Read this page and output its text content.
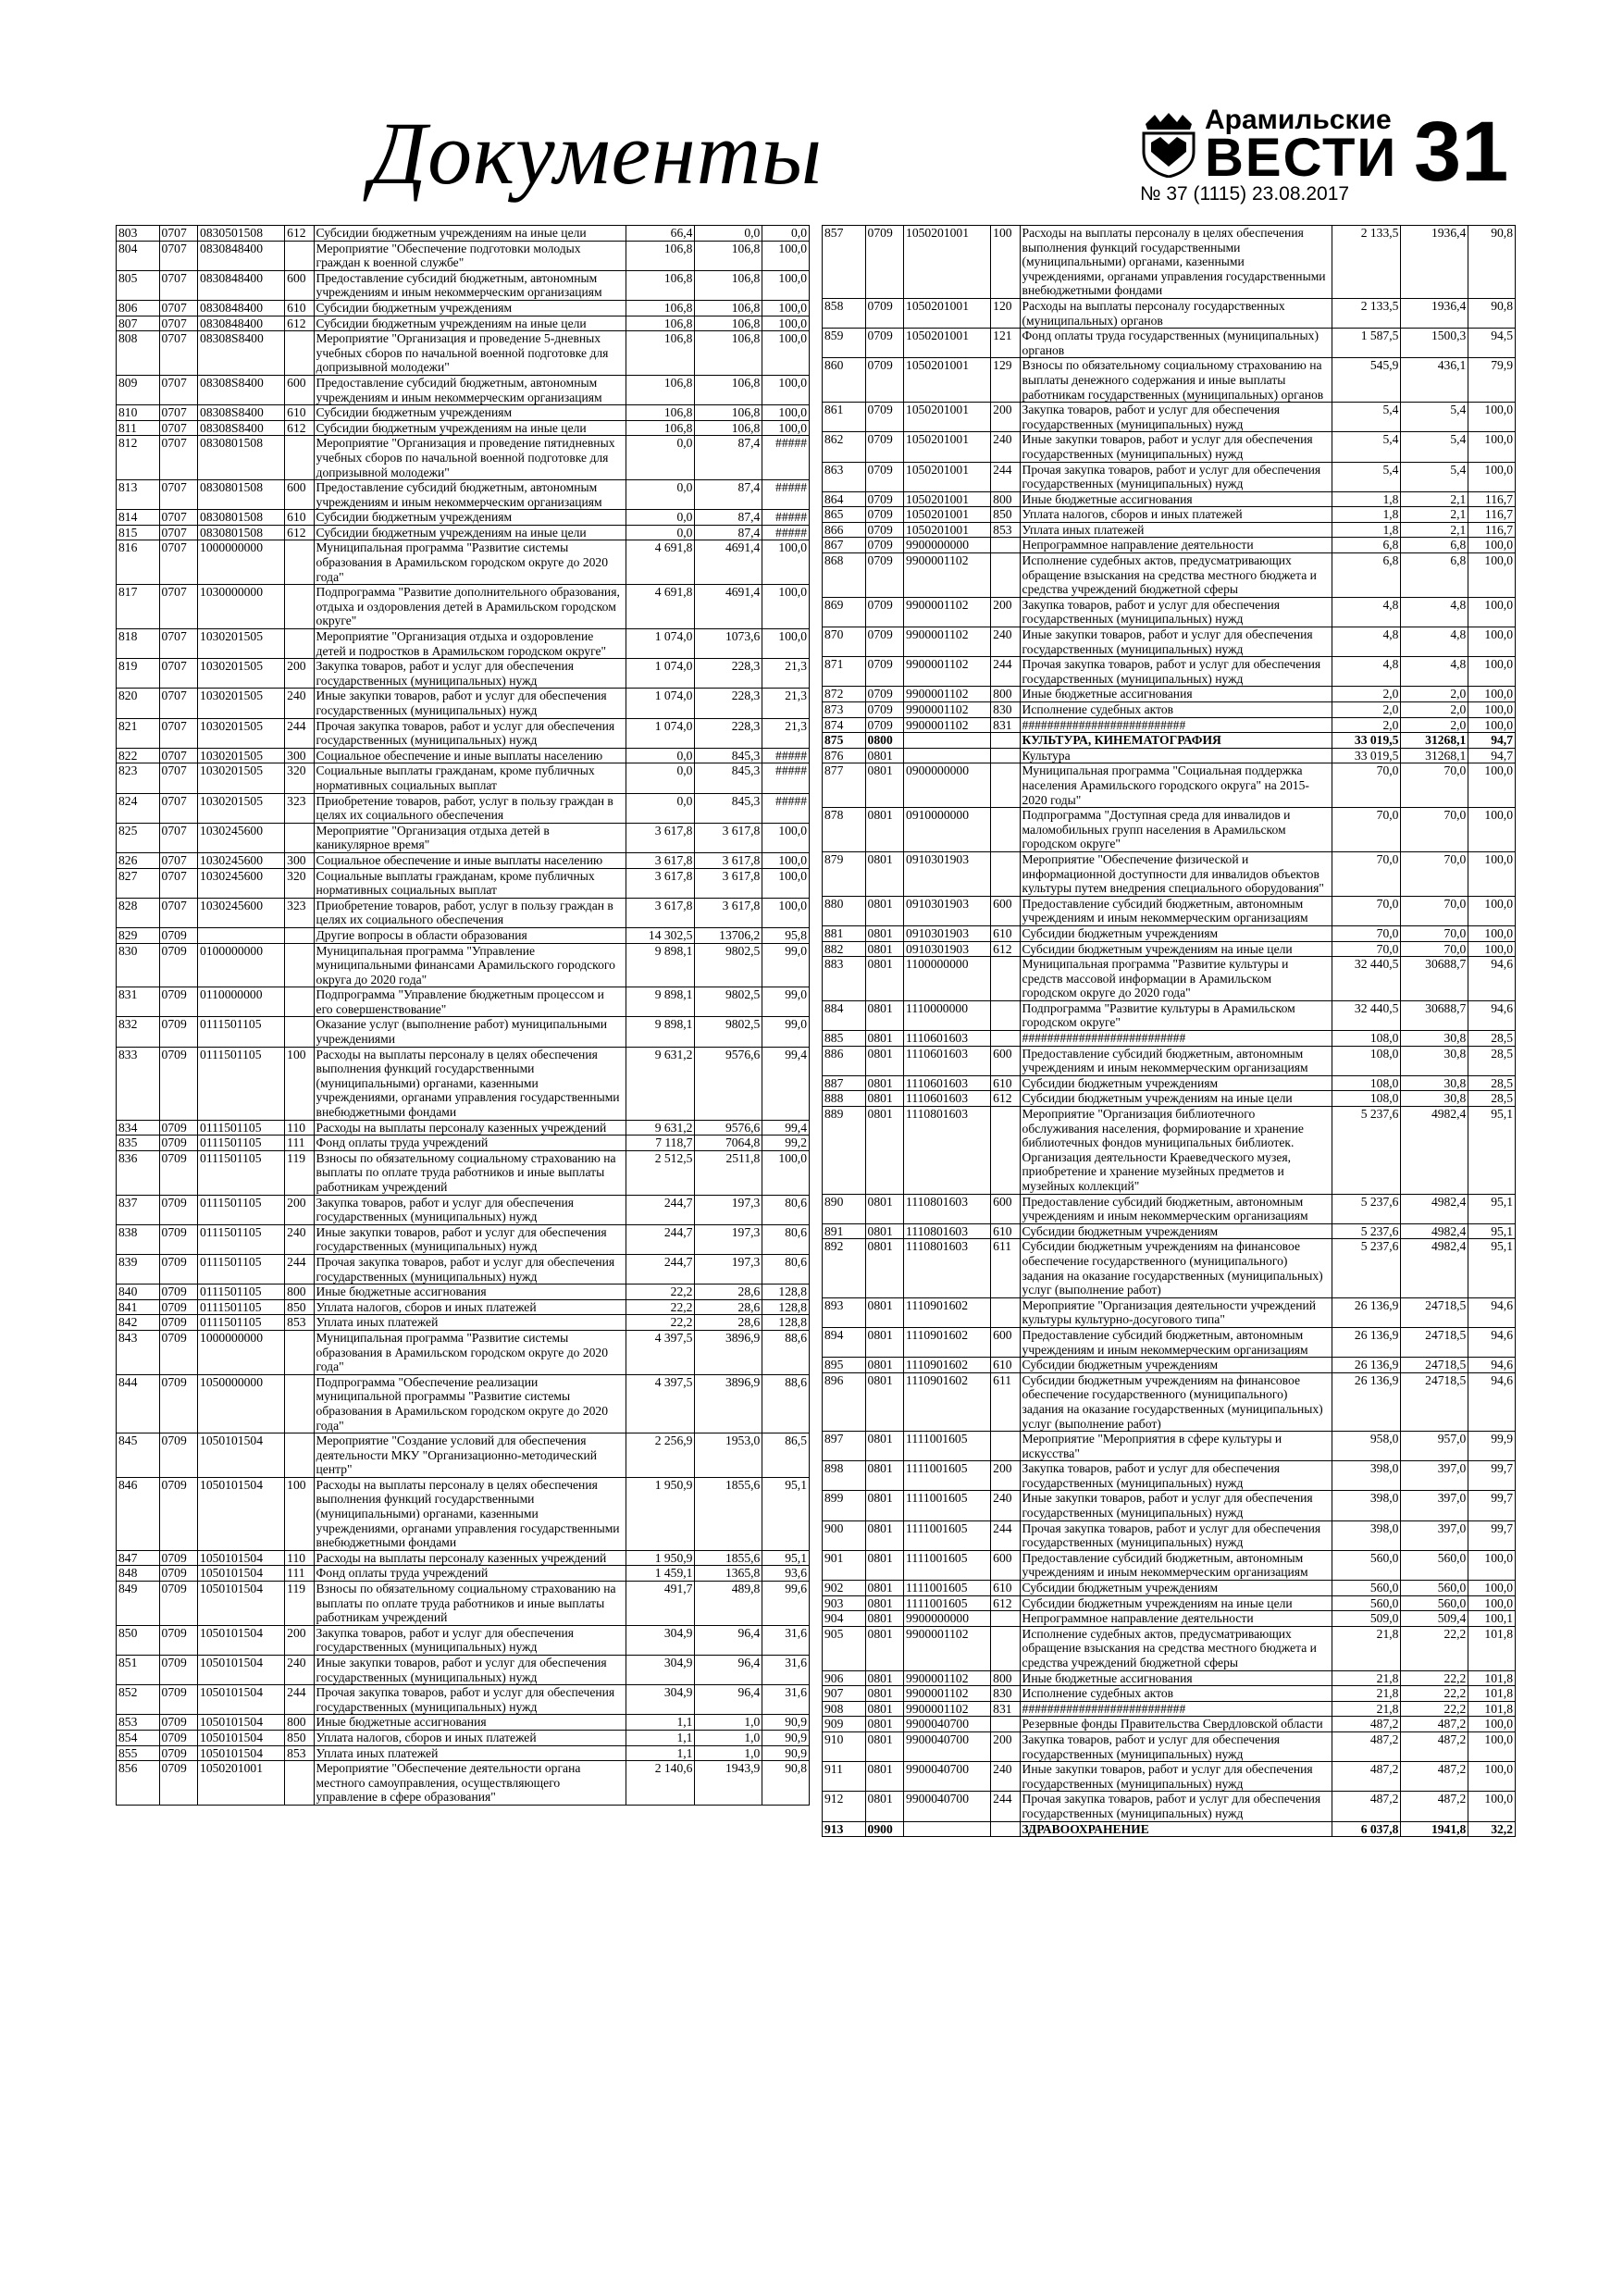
Документы	Арамильские
ВЕСТИ
№ 37 (1115) 23.08.2017 31
803	0707	0830501508	612	Субсидии бюджетным учреждениям на иные цели	66,4	0,0	0,0
804	0707	0830848400		Мероприятие "Обеспечение подготовки молодых граждан к военной службе"	106,8	106,8	100,0
805	0707	0830848400	600	Предоставление субсидий бюджетным, автономным учреждениям и иным некоммерческим организациям	106,8	106,8	100,0
806	0707	0830848400	610	Субсидии бюджетным учреждениям	106,8	106,8	100,0
807	0707	0830848400	612	Субсидии бюджетным учреждениям на иные цели	106,8	106,8	100,0
808	0707	08308S8400		Мероприятие "Организация и проведение 5-дневных учебных сборов по начальной военной подготовке для допризывной молодежи"	106,8	106,8	100,0
809	0707	08308S8400	600	Предоставление субсидий бюджетным, автономным учреждениям и иным некоммерческим организациям	106,8	106,8	100,0
810	0707	08308S8400	610	Субсидии бюджетным учреждениям	106,8	106,8	100,0
811	0707	08308S8400	612	Субсидии бюджетным учреждениям на иные цели	106,8	106,8	100,0
812	0707	0830801508		Мероприятие "Организация и проведение пятидневных учебных сборов по начальной военной подготовке для допризывной молодежи"	0,0	87,4	#####
813	0707	0830801508	600	Предоставление субсидий бюджетным, автономным учреждениям и иным некоммерческим организациям	0,0	87,4	#####
814	0707	0830801508	610	Субсидии бюджетным учреждениям	0,0	87,4	#####
815	0707	0830801508	612	Субсидии бюджетным учреждениям на иные цели	0,0	87,4	#####
816	0707	1000000000		Муниципальная программа "Развитие системы образования в Арамильском городском округе до 2020 года"	4 691,8	4691,4	100,0
817	0707	1030000000		Подпрограмма "Развитие дополнительного образования, отдыха и оздоровления детей в Арамильском городском округе"	4 691,8	4691,4	100,0
818	0707	1030201505		Мероприятие "Организация отдыха и оздоровление детей и подростков в Арамильском городском округе"	1 074,0	1073,6	100,0
819	0707	1030201505	200	Закупка товаров, работ и услуг для обеспечения государственных (муниципальных) нужд	1 074,0	228,3	21,3
820	0707	1030201505	240	Иные закупки товаров, работ и услуг для обеспечения государственных (муниципальных) нужд	1 074,0	228,3	21,3
821	0707	1030201505	244	Прочая закупка товаров, работ и услуг для обеспечения государственных (муниципальных) нужд	1 074,0	228,3	21,3
822	0707	1030201505	300	Социальное обеспечение и иные выплаты населению	0,0	845,3	#####
823	0707	1030201505	320	Социальные выплаты гражданам, кроме публичных нормативных социальных выплат	0,0	845,3	#####
824	0707	1030201505	323	Приобретение товаров, работ, услуг в пользу граждан в целях их социального обеспечения	0,0	845,3	#####
825	0707	1030245600		Мероприятие "Организация отдыха детей в каникулярное время"	3 617,8	3 617,8	100,0
826	0707	1030245600	300	Социальное обеспечение и иные выплаты населению	3 617,8	3 617,8	100,0
827	0707	1030245600	320	Социальные выплаты гражданам, кроме публичных нормативных социальных выплат	3 617,8	3 617,8	100,0
828	0707	1030245600	323	Приобретение товаров, работ, услуг в пользу граждан в целях их социального обеспечения	3 617,8	3 617,8	100,0
829	0709			Другие вопросы в области образования	14 302,5	13706,2	95,8
830	0709	0100000000		Муниципальная программа "Управление муниципальными финансами Арамильского городского округа до 2020 года"	9 898,1	9802,5	99,0
831	0709	0110000000		Подпрограмма "Управление бюджетным процессом и его совершенствование"	9 898,1	9802,5	99,0
832	0709	0111501105		Оказание услуг (выполнение работ) муниципальными учреждениями	9 898,1	9802,5	99,0
833	0709	0111501105	100	Расходы на выплаты персоналу в целях обеспечения выполнения функций государственными (муниципальными) органами, казенными учреждениями, органами управления государственными внебюджетными фондами	9 631,2	9576,6	99,4
834	0709	0111501105	110	Расходы на выплаты персоналу казенных учреждений	9 631,2	9576,6	99,4
835	0709	0111501105	111	Фонд оплаты труда учреждений	7 118,7	7064,8	99,2
836	0709	0111501105	119	Взносы по обязательному социальному страхованию на выплаты по оплате труда работников и иные выплаты работникам учреждений	2 512,5	2511,8	100,0
837	0709	0111501105	200	Закупка товаров, работ и услуг для обеспечения государственных (муниципальных) нужд	244,7	197,3	80,6
838	0709	0111501105	240	Иные закупки товаров, работ и услуг для обеспечения государственных (муниципальных) нужд	244,7	197,3	80,6
839	0709	0111501105	244	Прочая закупка товаров, работ и услуг для обеспечения государственных (муниципальных) нужд	244,7	197,3	80,6
840	0709	0111501105	800	Иные бюджетные ассигнования	22,2	28,6	128,8
841	0709	0111501105	850	Уплата налогов, сборов и иных платежей	22,2	28,6	128,8
842	0709	0111501105	853	Уплата иных платежей	22,2	28,6	128,8
843	0709	1000000000		Муниципальная программа "Развитие системы образования в Арамильском городском округе до 2020 года"	4 397,5	3896,9	88,6
844	0709	1050000000		Подпрограмма "Обеспечение реализации муниципальной программы "Развитие системы образования в Арамильском городском округе до 2020 года"	4 397,5	3896,9	88,6
845	0709	1050101504		Мероприятие "Создание условий для обеспечения деятельности МКУ "Организационно-методический центр"	2 256,9	1953,0	86,5
846	0709	1050101504	100	Расходы на выплаты персоналу в целях обеспечения выполнения функций государственными (муниципальными) органами, казенными учреждениями, органами управления государственными внебюджетными фондами	1 950,9	1855,6	95,1
847	0709	1050101504	110	Расходы на выплаты персоналу казенных учреждений	1 950,9	1855,6	95,1
848	0709	1050101504	111	Фонд оплаты труда учреждений	1 459,1	1365,8	93,6
849	0709	1050101504	119	Взносы по обязательному социальному страхованию на выплаты по оплате труда работников и иные выплаты работникам учреждений	491,7	489,8	99,6
850	0709	1050101504	200	Закупка товаров, работ и услуг для обеспечения государственных (муниципальных) нужд	304,9	96,4	31,6
851	0709	1050101504	240	Иные закупки товаров, работ и услуг для обеспечения государственных (муниципальных) нужд	304,9	96,4	31,6
852	0709	1050101504	244	Прочая закупка товаров, работ и услуг для обеспечения государственных (муниципальных) нужд	304,9	96,4	31,6
853	0709	1050101504	800	Иные бюджетные ассигнования	1,1	1,0	90,9
854	0709	1050101504	850	Уплата налогов, сборов и иных платежей	1,1	1,0	90,9
855	0709	1050101504	853	Уплата иных платежей	1,1	1,0	90,9
856	0709	1050201001		Мероприятие "Обеспечение деятельности органа местного самоуправления, осуществляющего управление в сфере образования"	2 140,6	1943,9	90,8
857	0709	1050201001	100	Расходы на выплаты персоналу в целях обеспечения выполнения функций государственными (муниципальными) органами, казенными учреждениями, органами управления государственными внебюджетными фондами	2 133,5	1936,4	90,8
858	0709	1050201001	120	Расходы на выплаты персоналу государственных (муниципальных) органов	2 133,5	1936,4	90,8
859	0709	1050201001	121	Фонд оплаты труда государственных (муниципальных) органов	1 587,5	1500,3	94,5
860	0709	1050201001	129	Взносы по обязательному социальному страхованию на выплаты денежного содержания и иные выплаты работникам государственных (муниципальных) органов	545,9	436,1	79,9
861	0709	1050201001	200	Закупка товаров, работ и услуг для обеспечения государственных (муниципальных) нужд	5,4	5,4	100,0
862	0709	1050201001	240	Иные закупки товаров, работ и услуг для обеспечения государственных (муниципальных) нужд	5,4	5,4	100,0
863	0709	1050201001	244	Прочая закупка товаров, работ и услуг для обеспечения государственных (муниципальных) нужд	5,4	5,4	100,0
864	0709	1050201001	800	Иные бюджетные ассигнования	1,8	2,1	116,7
865	0709	1050201001	850	Уплата налогов, сборов и иных платежей	1,8	2,1	116,7
866	0709	1050201001	853	Уплата иных платежей	1,8	2,1	116,7
867	0709	9900000000		Непрограммное направление деятельности	6,8	6,8	100,0
868	0709	9900001102		Исполнение судебных актов, предусматривающих обращение взыскания на средства местного бюджета и средства учреждений бюджетной сферы	6,8	6,8	100,0
869	0709	9900001102	200	Закупка товаров, работ и услуг для обеспечения государственных (муниципальных) нужд	4,8	4,8	100,0
870	0709	9900001102	240	Иные закупки товаров, работ и услуг для обеспечения государственных (муниципальных) нужд	4,8	4,8	100,0
871	0709	9900001102	244	Прочая закупка товаров, работ и услуг для обеспечения государственных (муниципальных) нужд	4,8	4,8	100,0
872	0709	9900001102	800	Иные бюджетные ассигнования	2,0	2,0	100,0
873	0709	9900001102	830	Исполнение судебных актов	2,0	2,0	100,0
874	0709	9900001102	831	##########################	2,0	2,0	100,0
875	0800			КУЛЬТУРА, КИНЕМАТОГРАФИЯ	33 019,5	31268,1	94,7
876	0801			Культура	33 019,5	31268,1	94,7
877	0801	0900000000		Муниципальная программа "Социальная поддержка населения Арамильского городского округа" на 2015-2020 годы"	70,0	70,0	100,0
878	0801	0910000000		Подпрограмма "Доступная среда для инвалидов и маломобильных групп населения в Арамильском городском округе"	70,0	70,0	100,0
879	0801	0910301903		Мероприятие "Обеспечение физической и информационной доступности для инвалидов объектов культуры путем внедрения специального оборудования"	70,0	70,0	100,0
880	0801	0910301903	600	Предоставление субсидий бюджетным, автономным учреждениям и иным некоммерческим организациям	70,0	70,0	100,0
881	0801	0910301903	610	Субсидии бюджетным учреждениям	70,0	70,0	100,0
882	0801	0910301903	612	Субсидии бюджетным учреждениям на иные цели	70,0	70,0	100,0
883	0801	1100000000		Муниципальная программа "Развитие культуры и средств массовой информации в Арамильском городском округе до 2020 года"	32 440,5	30688,7	94,6
884	0801	1110000000		Подпрограмма "Развитие культуры в Арамильском городском округе"	32 440,5	30688,7	94,6
885	0801	1110601603		##########################	108,0	30,8	28,5
886	0801	1110601603	600	Предоставление субсидий бюджетным, автономным учреждениям и иным некоммерческим организациям	108,0	30,8	28,5
887	0801	1110601603	610	Субсидии бюджетным учреждениям	108,0	30,8	28,5
888	0801	1110601603	612	Субсидии бюджетным учреждениям на иные цели	108,0	30,8	28,5
889	0801	1110801603		Мероприятие "Организация библиотечного обслуживания населения, формирование и хранение библиотечных фондов муниципальных библиотек. Организация деятельности Краеведческого музея, приобретение и хранение музейных предметов и музейных коллекций"	5 237,6	4982,4	95,1
890	0801	1110801603	600	Предоставление субсидий бюджетным, автономным учреждениям и иным некоммерческим организациям	5 237,6	4982,4	95,1
891	0801	1110801603	610	Субсидии бюджетным учреждениям	5 237,6	4982,4	95,1
892	0801	1110801603	611	Субсидии бюджетным учреждениям на финансовое обеспечение государственного (муниципального) задания на оказание государственных (муниципальных) услуг (выполнение работ)	5 237,6	4982,4	95,1
893	0801	1110901602		Мероприятие "Организация деятельности учреждений культуры культурно-досугового типа"	26 136,9	24718,5	94,6
894	0801	1110901602	600	Предоставление субсидий бюджетным, автономным учреждениям и иным некоммерческим организациям	26 136,9	24718,5	94,6
895	0801	1110901602	610	Субсидии бюджетным учреждениям	26 136,9	24718,5	94,6
896	0801	1110901602	611	Субсидии бюджетным учреждениям на финансовое обеспечение государственного (муниципального) задания на оказание государственных (муниципальных) услуг (выполнение работ)	26 136,9	24718,5	94,6
897	0801	1111001605		Мероприятие "Мероприятия в сфере культуры и искусства"	958,0	957,0	99,9
898	0801	1111001605	200	Закупка товаров, работ и услуг для обеспечения государственных (муниципальных) нужд	398,0	397,0	99,7
899	0801	1111001605	240	Иные закупки товаров, работ и услуг для обеспечения государственных (муниципальных) нужд	398,0	397,0	99,7
900	0801	1111001605	244	Прочая закупка товаров, работ и услуг для обеспечения государственных (муниципальных) нужд	398,0	397,0	99,7
901	0801	1111001605	600	Предоставление субсидий бюджетным, автономным учреждениям и иным некоммерческим организациям	560,0	560,0	100,0
902	0801	1111001605	610	Субсидии бюджетным учреждениям	560,0	560,0	100,0
903	0801	1111001605	612	Субсидии бюджетным учреждениям на иные цели	560,0	560,0	100,0
904	0801	9900000000		Непрограммное направление деятельности	509,0	509,4	100,1
905	0801	9900001102		Исполнение судебных актов, предусматривающих обращение взыскания на средства местного бюджета и средства учреждений бюджетной сферы	21,8	22,2	101,8
906	0801	9900001102	800	Иные бюджетные ассигнования	21,8	22,2	101,8
907	0801	9900001102	830	Исполнение судебных актов	21,8	22,2	101,8
908	0801	9900001102	831	##########################	21,8	22,2	101,8
909	0801	9900040700		Резервные фонды Правительства Свердловской области	487,2	487,2	100,0
910	0801	9900040700	200	Закупка товаров, работ и услуг для обеспечения государственных (муниципальных) нужд	487,2	487,2	100,0
911	0801	9900040700	240	Иные закупки товаров, работ и услуг для обеспечения государственных (муниципальных) нужд	487,2	487,2	100,0
912	0801	9900040700	244	Прочая закупка товаров, работ и услуг для обеспечения государственных (муниципальных) нужд	487,2	487,2	100,0
913	0900			ЗДРАВООХРАНЕНИЕ	6 037,8	1941,8	32,2
